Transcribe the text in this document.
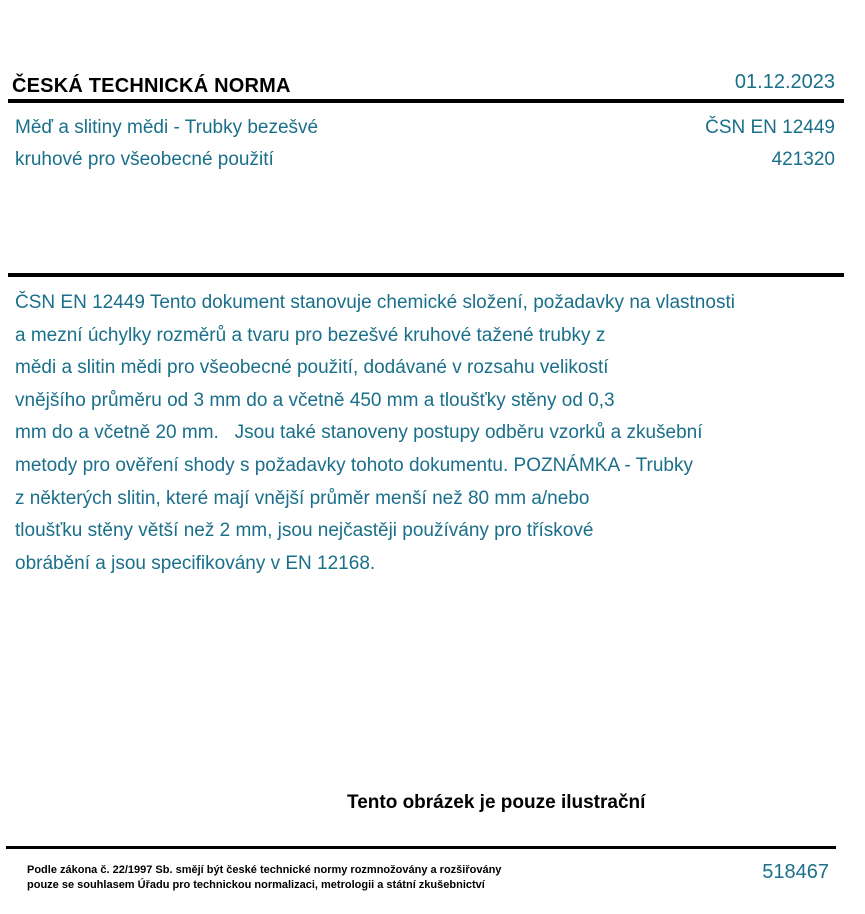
ČESKÁ TECHNICKÁ NORMA	01.12.2023
Měď a slitiny mědi - Trubky bezešvé
kruhové pro všeobecné použití
ČSN EN 12449
421320
ČSN EN 12449 Tento dokument stanovuje chemické složení, požadavky na vlastnosti
a mezní úchylky rozměrů a tvaru pro bezešvé kruhové tažené trubky z
mědi a slitin mědi pro všeobecné použití, dodávané v rozsahu velikostí
vnějšího průměru od 3 mm do a včetně 450 mm a tloušťky stěny od 0,3
mm do a včetně 20 mm.   Jsou také stanoveny postupy odběru vzorků a zkušební
metody pro ověření shody s požadavky tohoto dokumentu. POZNÁMKA - Trubky
z některých slitin, které mají vnější průměr menší než 80 mm a/nebo
tloušťku stěny větší než 2 mm, jsou nejčastěji používány pro třískové
obrábění a jsou specifikovány v EN 12168.
Tento obrázek je pouze ilustrační
Podle zákona č. 22/1997 Sb. smějí být české technické normy rozmnožovány a rozšiřovány
pouze se souhlasem Úřadu pro technickou normalizaci, metrologii a státní zkušebnictví
518467
